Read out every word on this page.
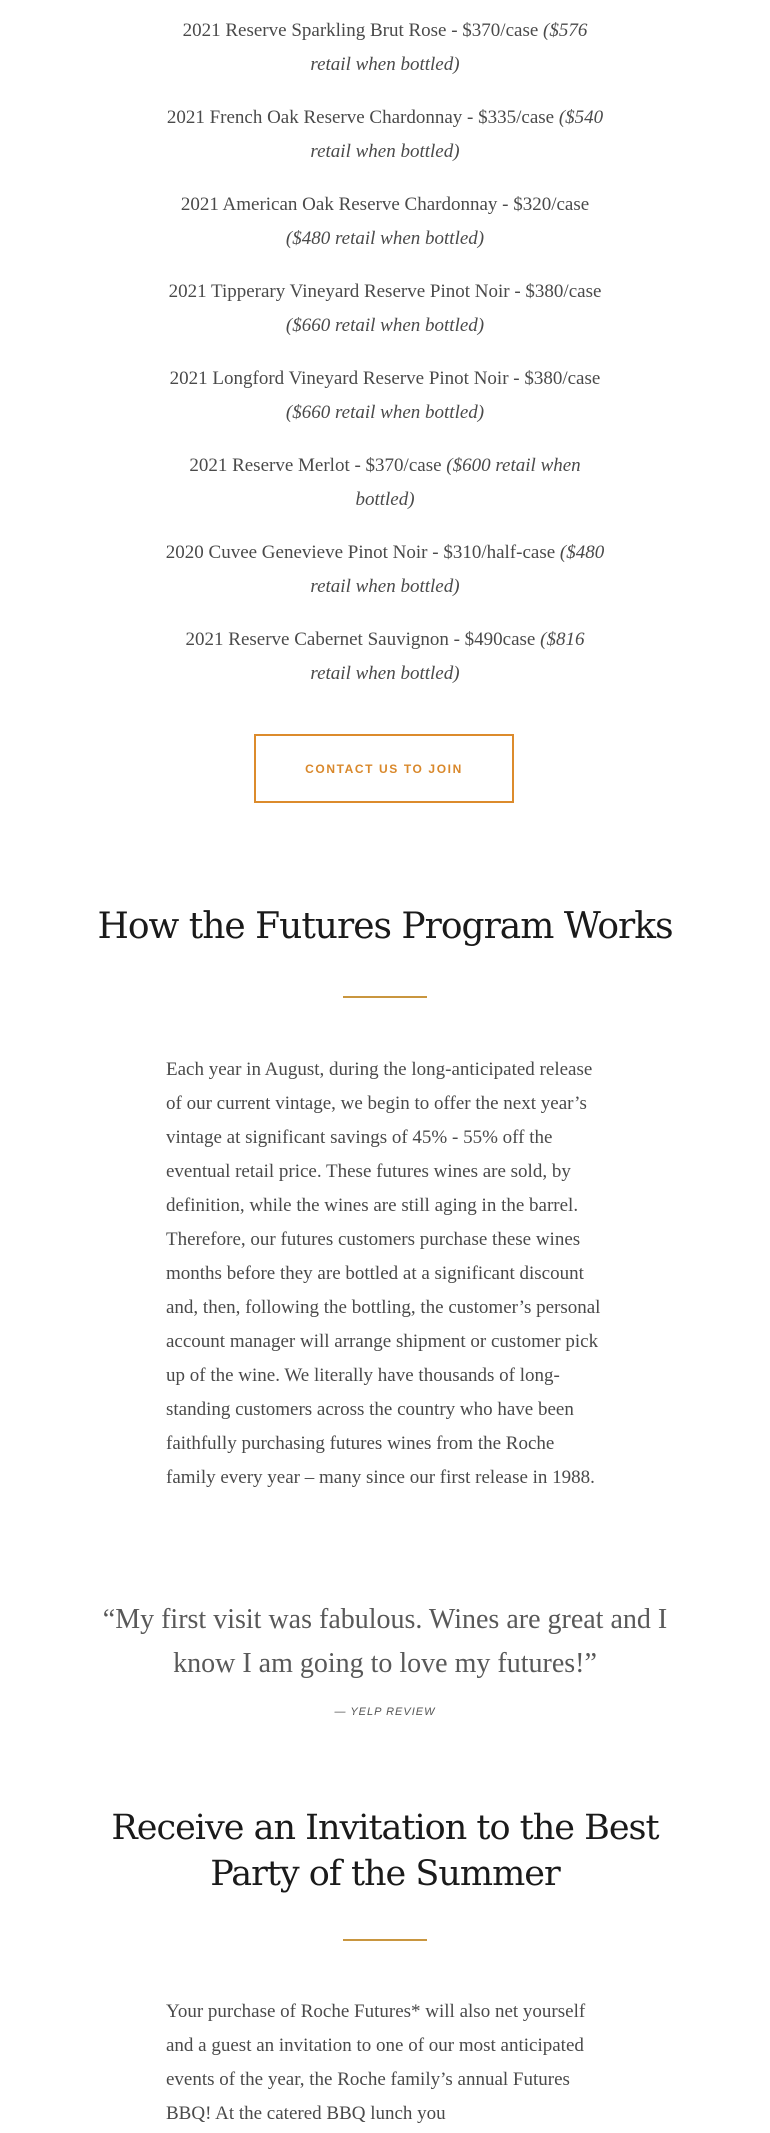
2021 Reserve Sparkling Brut Rose - $370/case ($576 retail when bottled)
2021 French Oak Reserve Chardonnay - $335/case ($540 retail when bottled)
2021 American Oak Reserve Chardonnay - $320/case ($480 retail when bottled)
2021 Tipperary Vineyard Reserve Pinot Noir - $380/case ($660 retail when bottled)
2021 Longford Vineyard Reserve Pinot Noir - $380/case ($660 retail when bottled)
2021 Reserve Merlot - $370/case ($600 retail when bottled)
2020 Cuvee Genevieve Pinot Noir - $310/half-case ($480 retail when bottled)
2021 Reserve Cabernet Sauvignon - $490case ($816 retail when bottled)
CONTACT US TO JOIN
How the Futures Program Works

Each year in August, during the long-anticipated release of our current vintage, we begin to offer the next year’s vintage at significant savings of 45% - 55% off the eventual retail price. These futures wines are sold, by definition, while the wines are still aging in the barrel. Therefore, our futures customers purchase these wines months before they are bottled at a significant discount and, then, following the bottling, the customer’s personal account manager will arrange shipment or customer pick up of the wine. We literally have thousands of long-standing customers across the country who have been faithfully purchasing futures wines from the Roche family every year – many since our first release in 1988.

“My first visit was fabulous. Wines are great and I know I am going to love my futures!”
— YELP REVIEW
Receive an Invitation to the Best Party of the Summer

Your purchase of Roche Futures* will also net yourself and a guest an invitation to one of our most anticipated events of the year, the Roche family’s annual Futures BBQ! At the catered BBQ lunch you
